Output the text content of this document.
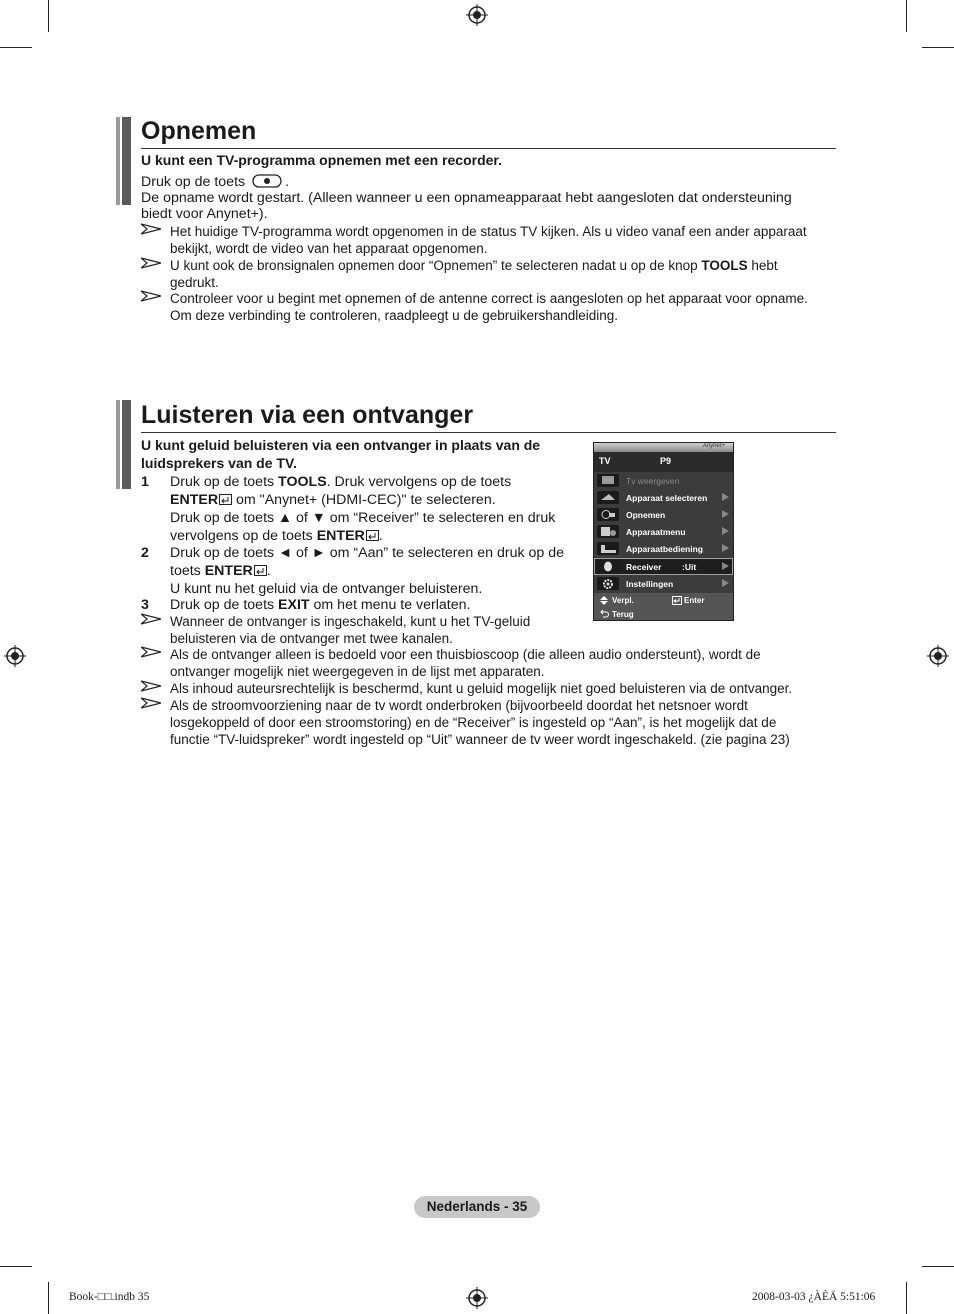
Opnemen

U kunt een TV-programma opnemen met een recorder.

Druk op de toets	.

De opname wordt gestart. (Alleen wanneer u een opnameapparaat hebt aangesloten dat ondersteuning

biedt voor Anynet+).

Het huidige TV-programma wordt opgenomen in de status TV kijken. Als u video vanaf een ander apparaat
bekijkt, wordt de video van het apparaat opgenomen.
U kunt ook de bronsignalen opnemen door “Opnemen” te selecteren nadat u op de knop TOOLS hebt
gedrukt.
Controleer voor u begint met opnemen of de antenne correct is aangesloten op het apparaat voor opname.
Om deze verbinding te controleren, raadpleegt u de gebruikershandleiding.
Luisteren via een ontvanger

U kunt geluid beluisteren via een ontvanger in plaats van de

luidsprekers van de TV.

1 Druk op de toets TOOLS. Druk vervolgens op de toets
ENTER om "Anynet+ (HDMI-CEC)" te selecteren.
Druk op de toets ▲ of ▼ om “Receiver” te selecteren en druk
vervolgens op de toets ENTER .
2 Druk op de toets ◄ of ► om “Aan” te selecteren en druk op de
toets ENTER .
U kunt nu het geluid via de ontvanger beluisteren.
3 Druk op de toets EXIT om het menu te verlaten.
Wanneer de ontvanger is ingeschakeld, kunt u het TV-geluid
beluisteren via de ontvanger met twee kanalen.
Als de ontvanger alleen is bedoeld voor een thuisbioscoop (die alleen audio ondersteunt), wordt de
ontvanger mogelijk niet weergegeven in de lijst met apparaten.
Als inhoud auteursrechtelijk is beschermd, kunt u geluid mogelijk niet goed beluisteren via de ontvanger.
Als de stroomvoorziening naar de tv wordt onderbroken (bijvoorbeeld doordat het netsnoer wordt
losgekoppeld of door een stroomstoring) en de “Receiver” is ingesteld op “Aan”, is het mogelijk dat de
functie “TV-luidspreker” wordt ingesteld op “Uit” wanneer de tv weer wordt ingeschakeld. (zie pagina 23)
Anynet+
TV	P9
Tv weergeven
Apparaat selecteren
Opnemen
Apparaatmenu
Apparaatbediening
Receiver :Uit
Instellingen
Verpl.	Enter
Terug
Nederlands - 35
Book-□□.indb 35	2008-03-03 ¿ÀÈÄ 5:51:06
